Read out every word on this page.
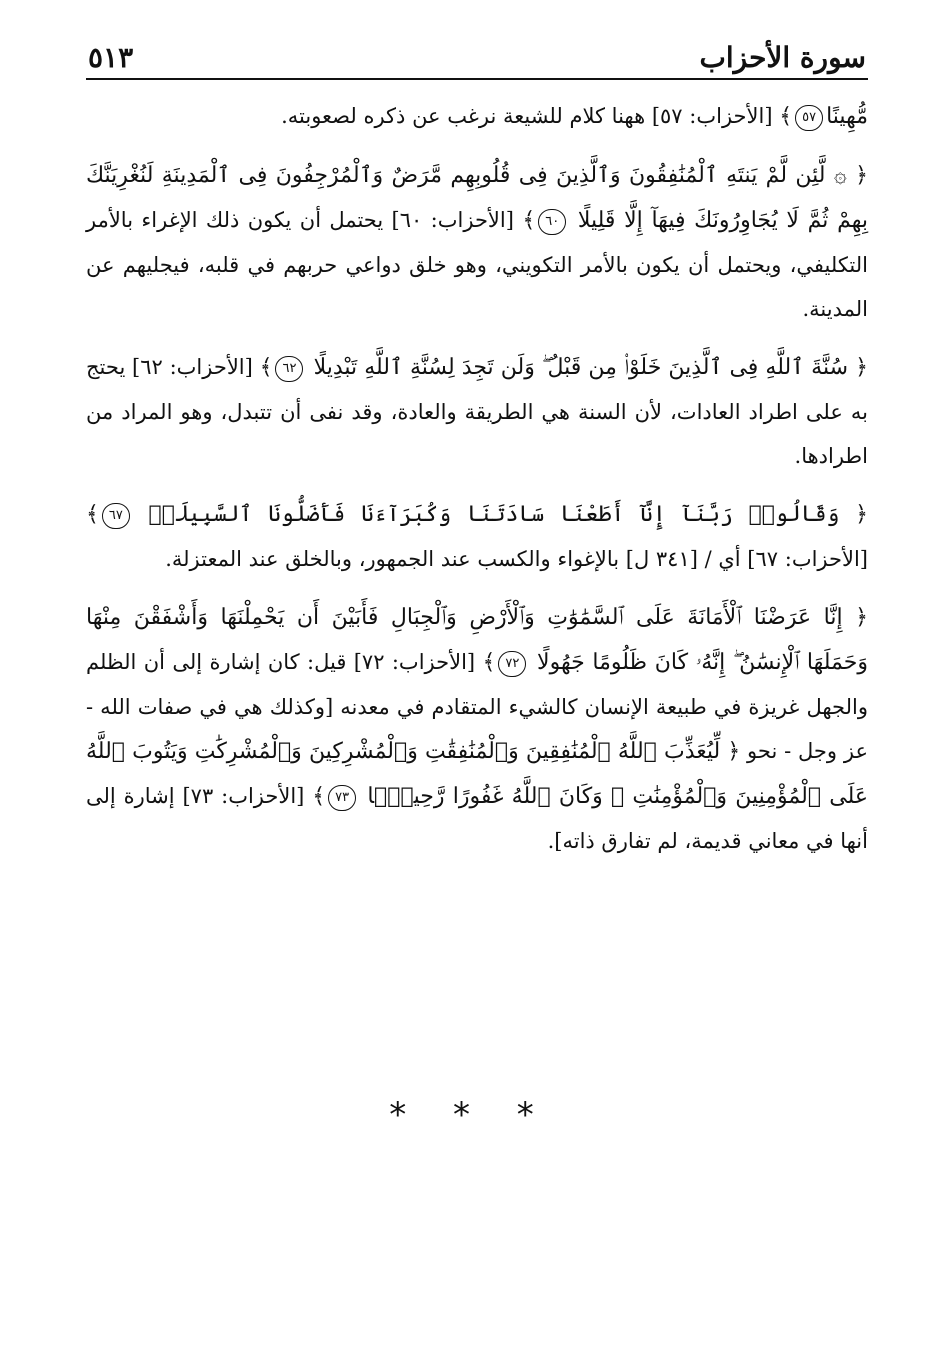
سورة الأحزاب
٥١٣

مُّهِينًا٥٧﴾ [الأحزاب: ٥٧] ههنا كلام للشيعة نرغب عن ذكره لصعوبته.

﴿ ۞ لَّئِن لَّمْ يَنتَهِ ٱلْمُنَٰفِقُونَ وَٱلَّذِينَ فِى قُلُوبِهِم مَّرَضٌ وَٱلْمُرْجِفُونَ فِى ٱلْمَدِينَةِ لَنُغْرِيَنَّكَ بِهِمْ ثُمَّ لَا يُجَاوِرُونَكَ فِيهَآ إِلَّا قَلِيلًا ٦٠﴾ [الأحزاب: ٦٠] يحتمل أن يكون ذلك الإغراء بالأمر التكليفي، ويحتمل أن يكون بالأمر التكويني، وهو خلق دواعي حربهم في قلبه، فيجليهم عن المدينة.

﴿ سُنَّةَ ٱللَّهِ فِى ٱلَّذِينَ خَلَوْا۟ مِن قَبْلُ ۖ وَلَن تَجِدَ لِسُنَّةِ ٱللَّهِ تَبْدِيلًا ٦٢﴾ [الأحزاب: ٦٢] يحتج به على اطراد العادات، لأن السنة هي الطريقة والعادة، وقد نفى أن تتبدل، وهو المراد من اطرادها.

﴿ وَقَالُوا۟ رَبَّنَآ إِنَّآ أَطَعْنَا سَادَتَنَا وَكُبَرَآءَنَا فَأَضَلُّونَا ٱلسَّبِيلَا۠ ٦٧﴾ [الأحزاب: ٦٧] أي / [٣٤١ ل] بالإغواء والكسب عند الجمهور، وبالخلق عند المعتزلة.

﴿ إِنَّا عَرَضْنَا ٱلْأَمَانَةَ عَلَى ٱلسَّمَٰوَٰتِ وَٱلْأَرْضِ وَٱلْجِبَالِ فَأَبَيْنَ أَن يَحْمِلْنَهَا وَأَشْفَقْنَ مِنْهَا وَحَمَلَهَا ٱلْإِنسَٰنُ ۖ إِنَّهُۥ كَانَ ظَلُومًا جَهُولًا ٧٢﴾ [الأحزاب: ٧٢] قيل: كان إشارة إلى أن الظلم والجهل غريزة في طبيعة الإنسان كالشيء المتقادم في معدنه [وكذلك هي في صفات الله - عز وجل - نحو ﴿ لِّيُعَذِّبَ ٱللَّهُ ٱلْمُنَٰفِقِينَ وَٱلْمُنَٰفِقَٰتِ وَٱلْمُشْرِكِينَ وَٱلْمُشْرِكَٰتِ وَيَتُوبَ ٱللَّهُ عَلَى ٱلْمُؤْمِنِينَ وَٱلْمُؤْمِنَٰتِ ۗ وَكَانَ ٱللَّهُ غَفُورًا رَّحِيمًۢا ٧٣﴾ [الأحزاب: ٧٣] إشارة إلى أنها في معاني قديمة، لم تفارق ذاته].

* * *
